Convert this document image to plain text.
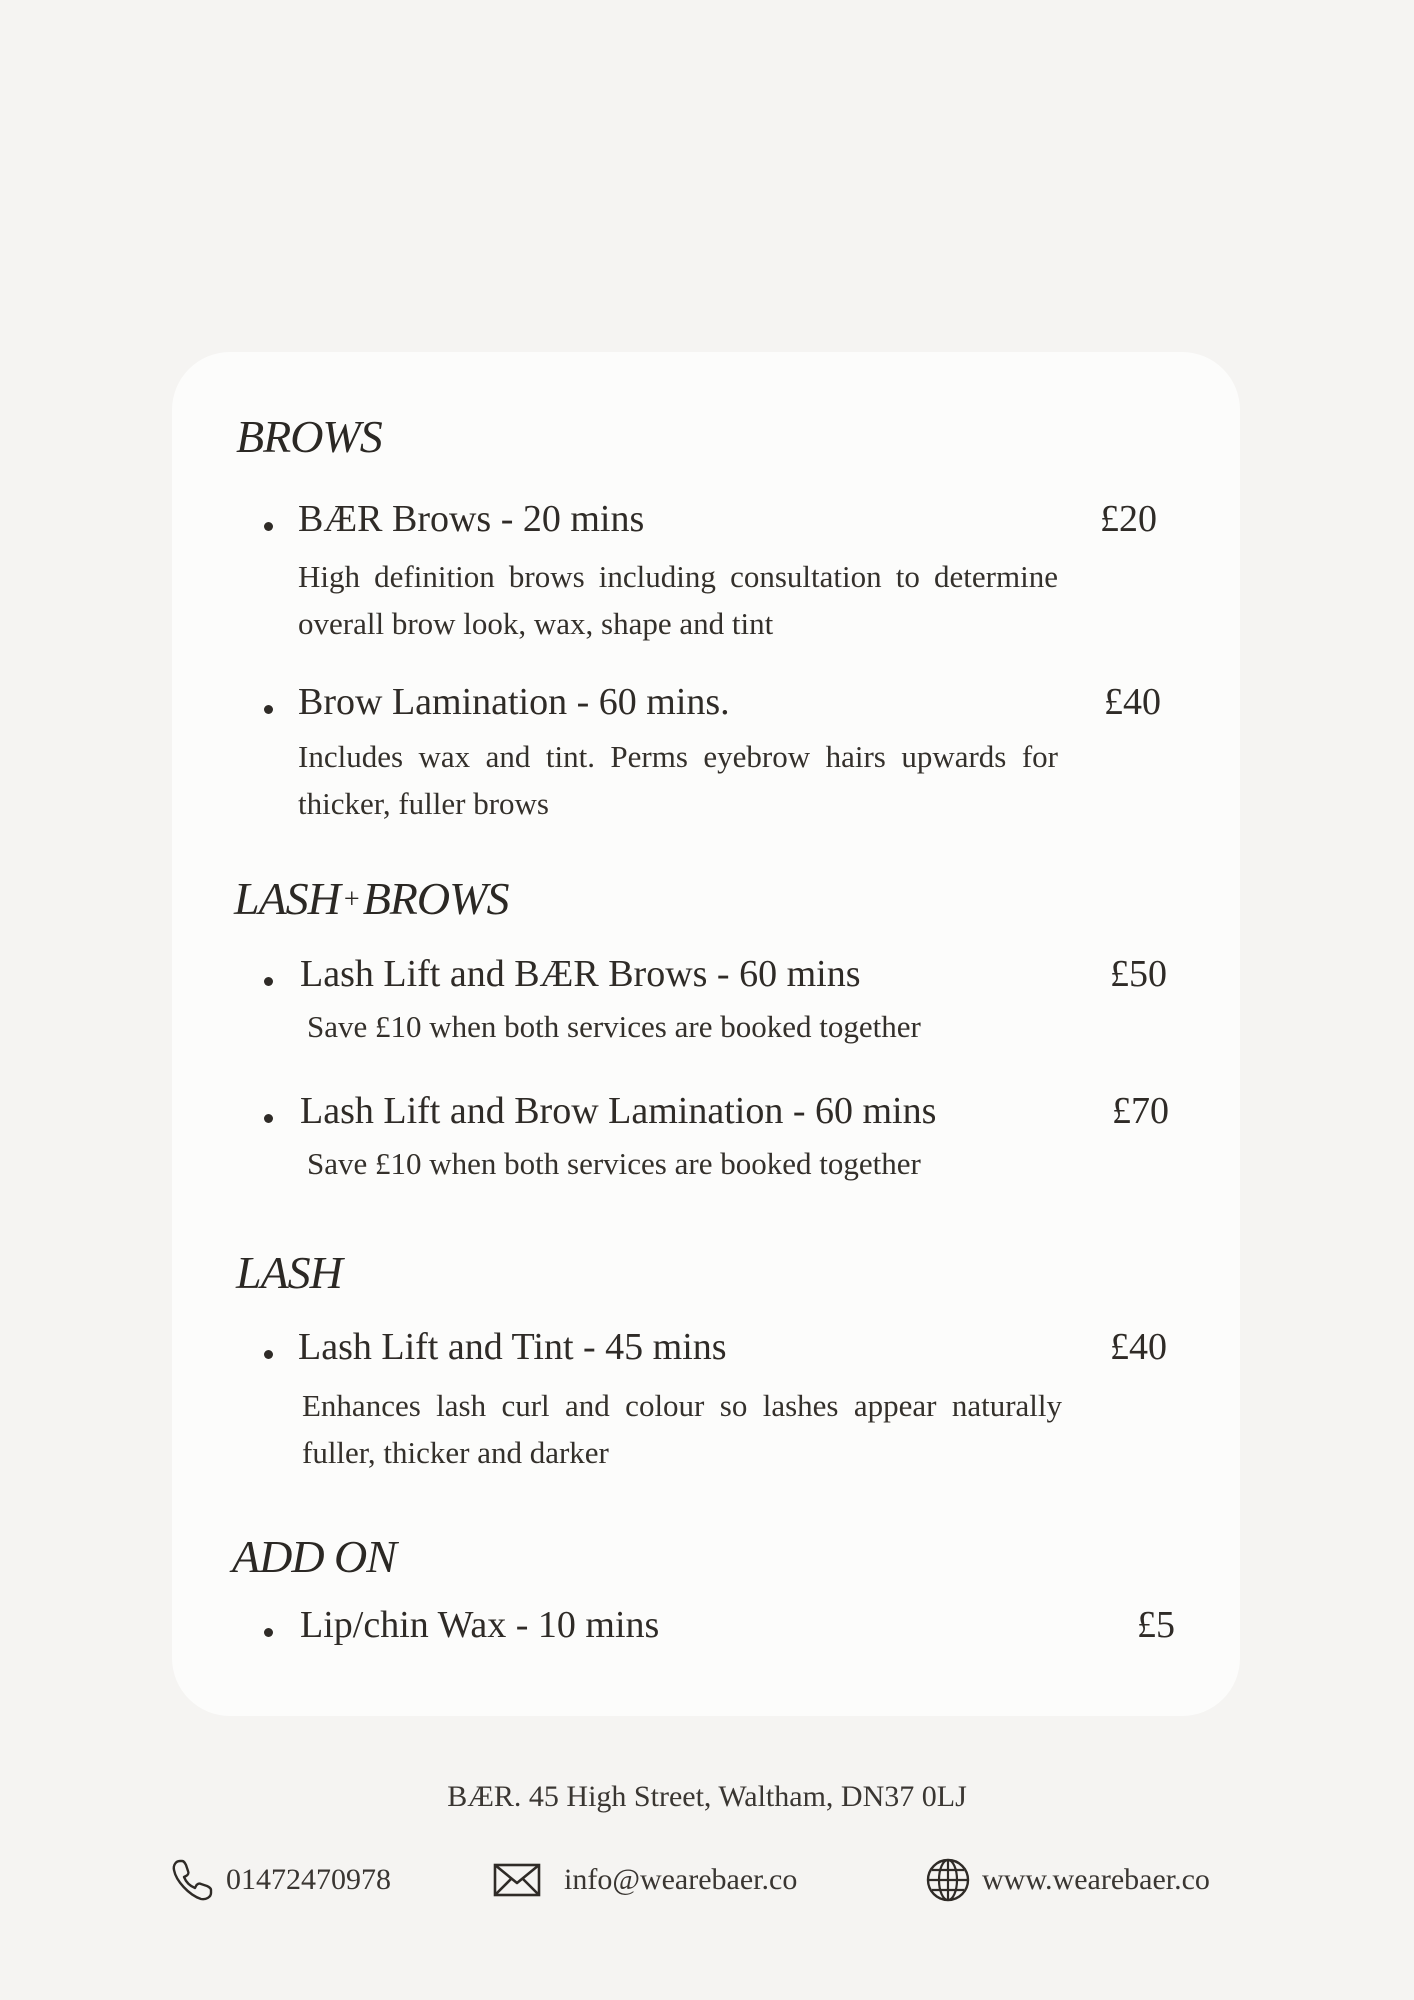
BROWS
BÆR Brows - 20 mins	£20
High definition brows including consultation to determine overall brow look, wax, shape and tint
Brow Lamination - 60 mins.	£40
Includes wax and tint. Perms eyebrow hairs upwards for thicker, fuller brows
LASH +BROWS
Lash Lift and BÆR Brows - 60 mins	£50
Save £10 when both services are booked together
Lash Lift and Brow Lamination - 60 mins	£70
Save £10 when both services are booked together
LASH
Lash Lift and Tint - 45 mins	£40
Enhances lash curl and colour so lashes appear naturally fuller, thicker and darker
ADD ON
Lip/chin Wax - 10 mins	£5
BÆR. 45 High Street, Waltham, DN37 0LJ
01472470978	info@wearebaer.co	www.wearebaer.co
